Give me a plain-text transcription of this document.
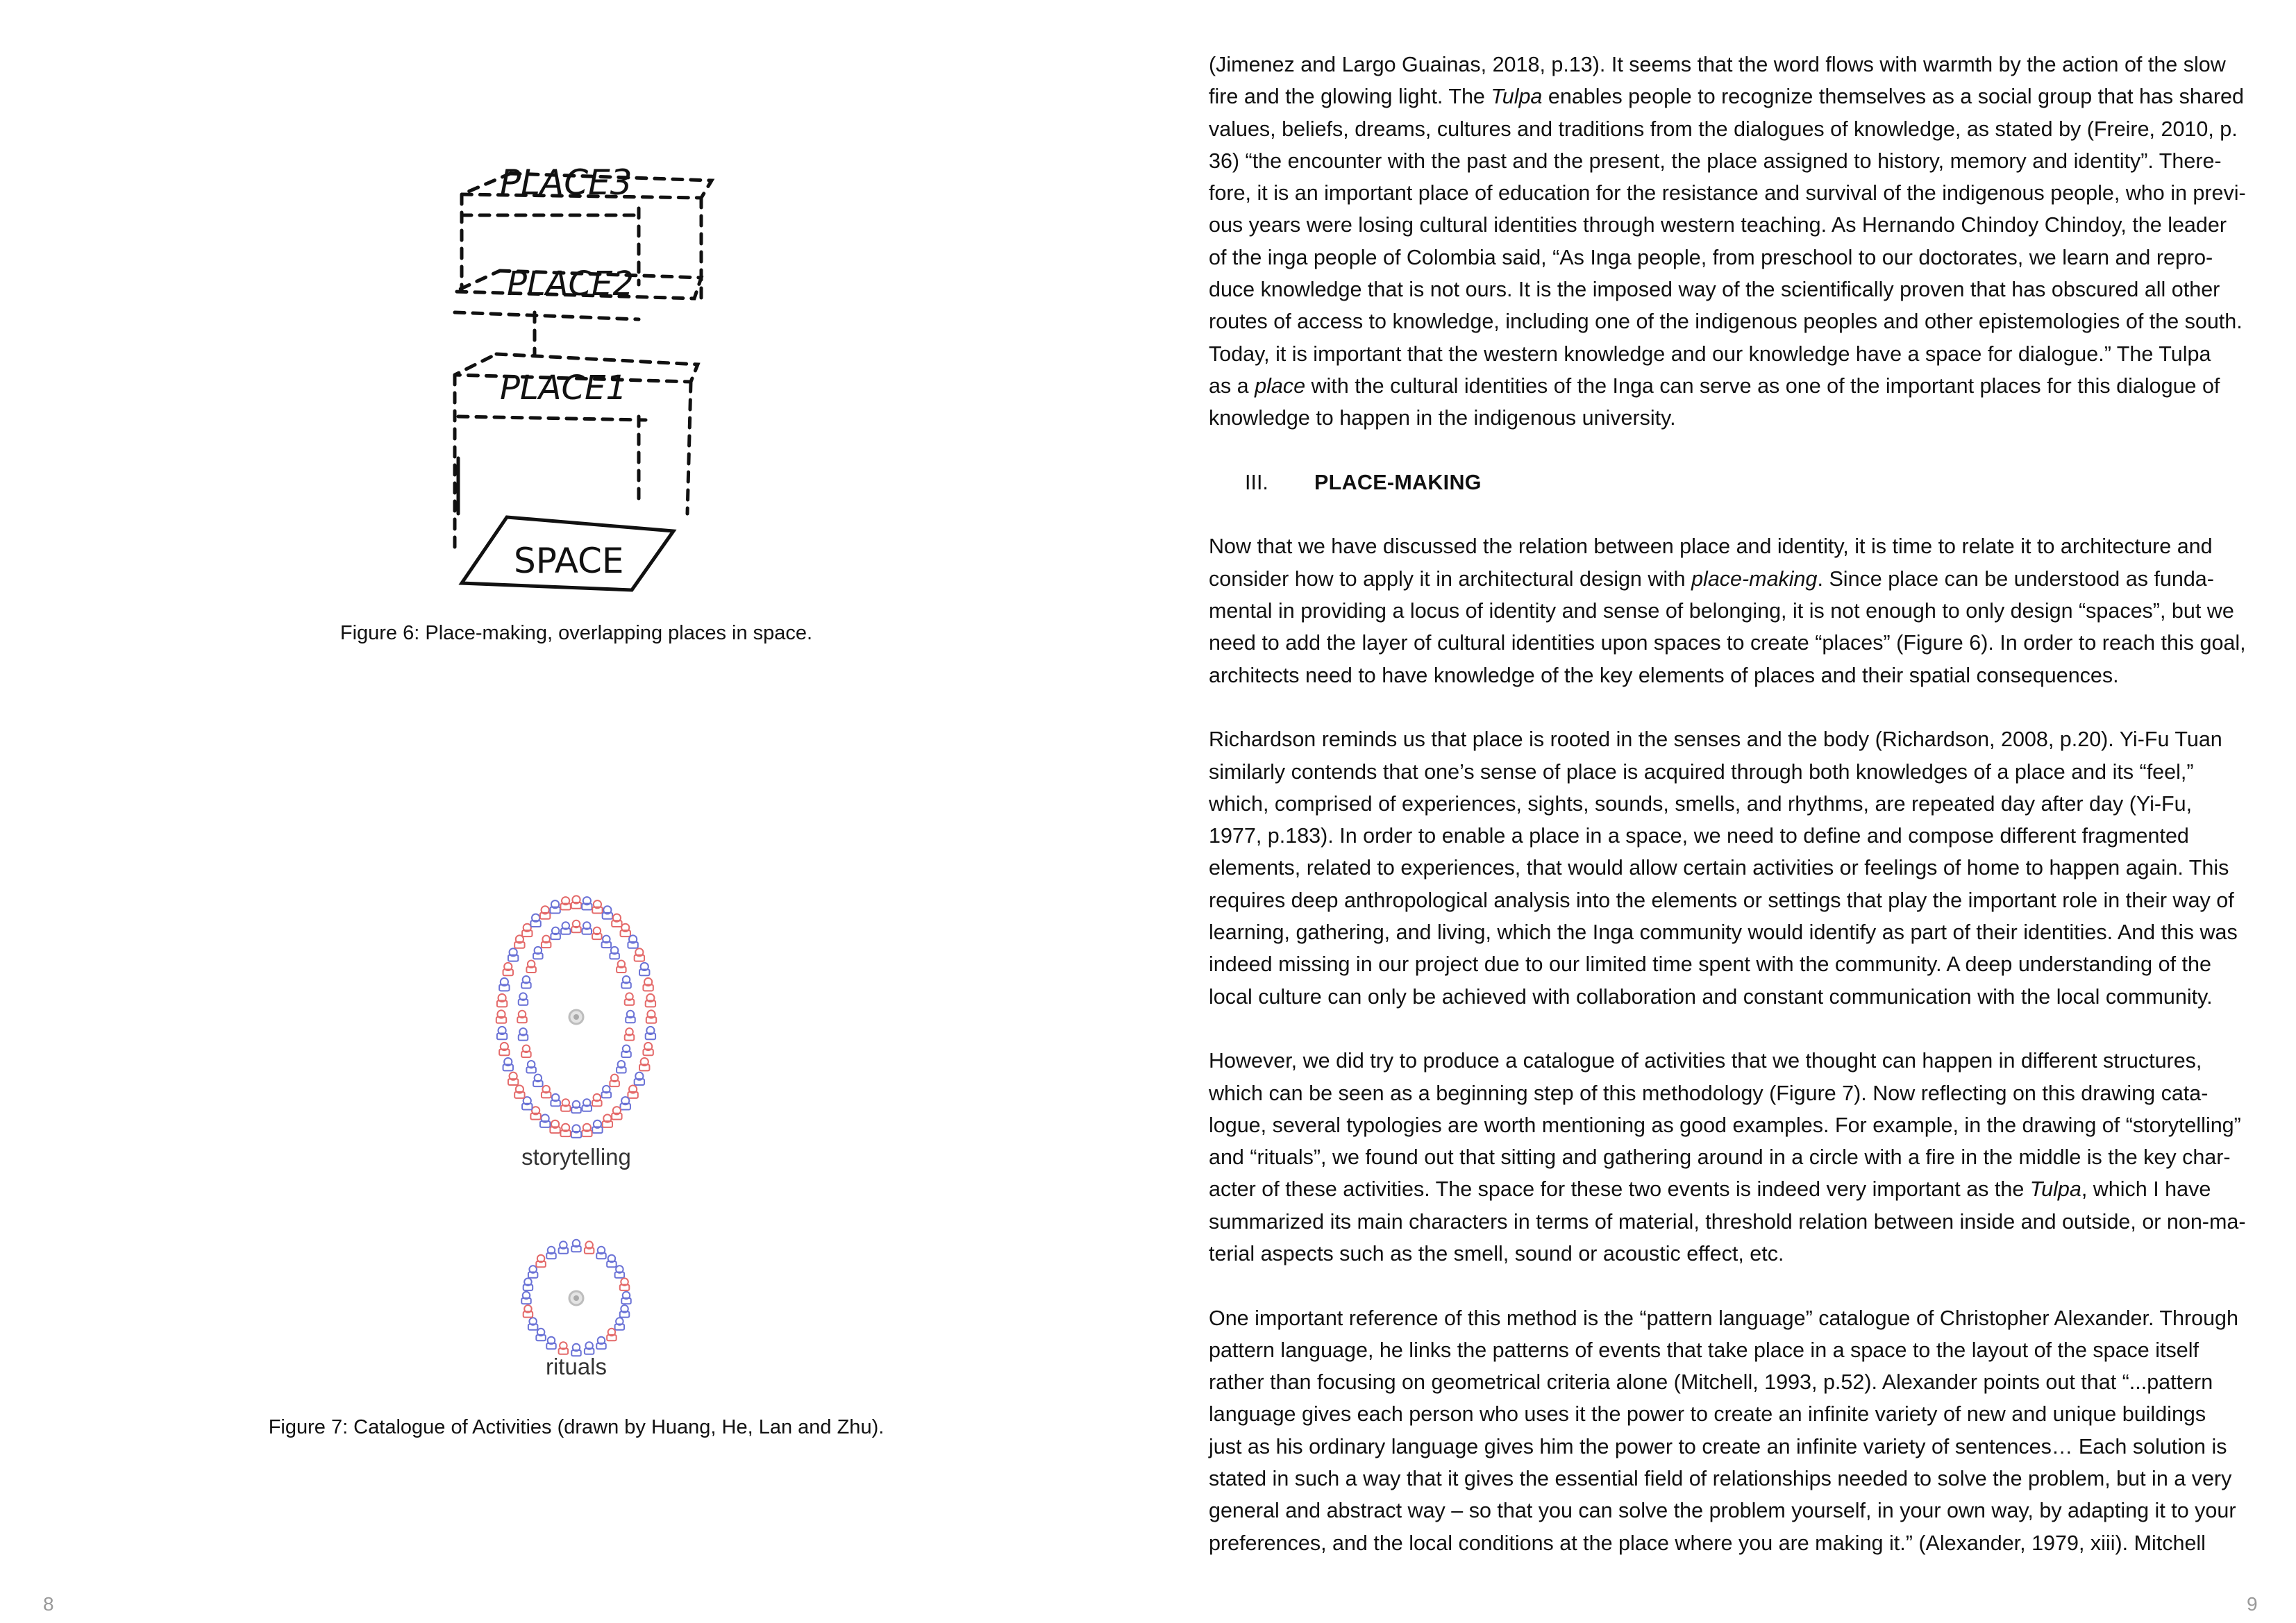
PLACE3
PLACE2
PLACE1
SPACE
Figure 6: Place-making, overlapping places in space.
storytelling
rituals
Figure 7: Catalogue of Activities (drawn by Huang, He, Lan and Zhu).
8

(Jimenez and Largo Guainas, 2018, p.13). It seems that the word flows with warmth by the action of the slow

fire and the glowing light. The Tulpa enables people to recognize themselves as a social group that has shared

values, beliefs, dreams, cultures and traditions from the dialogues of knowledge, as stated by (Freire, 2010, p.

36) “the encounter with the past and the present, the place assigned to history, memory and identity”. There-

fore, it is an important place of education for the resistance and survival of the indigenous people, who in previ-

ous years were losing cultural identities through western teaching. As Hernando Chindoy Chindoy, the leader

of the inga people of Colombia said, “As Inga people, from preschool to our doctorates, we learn and repro-

duce knowledge that is not ours. It is the imposed way of the scientifically proven that has obscured all other

routes of access to knowledge, including one of the indigenous peoples and other epistemologies of the south.

Today, it is important that the western knowledge and our knowledge have a space for dialogue.” The Tulpa

as a place with the cultural identities of the Inga can serve as one of the important places for this dialogue of

knowledge to happen in the indigenous university.

III.	PLACE-MAKING

Now that we have discussed the relation between place and identity, it is time to relate it to architecture and

consider how to apply it in architectural design with place-making. Since place can be understood as funda-

mental in providing a locus of identity and sense of belonging, it is not enough to only design “spaces”, but we

need to add the layer of cultural identities upon spaces to create “places” (Figure 6). In order to reach this goal,

architects need to have knowledge of the key elements of places and their spatial consequences.

Richardson reminds us that place is rooted in the senses and the body (Richardson, 2008, p.20). Yi-Fu Tuan

similarly contends that one’s sense of place is acquired through both knowledges of a place and its “feel,”

which, comprised of experiences, sights, sounds, smells, and rhythms, are repeated day after day (Yi-Fu,

1977, p.183). In order to enable a place in a space, we need to define and compose different fragmented

elements, related to experiences, that would allow certain activities or feelings of home to happen again. This

requires deep anthropological analysis into the elements or settings that play the important role in their way of

learning, gathering, and living, which the Inga community would identify as part of their identities. And this was

indeed missing in our project due to our limited time spent with the community. A deep understanding of the

local culture can only be achieved with collaboration and constant communication with the local community.

However, we did try to produce a catalogue of activities that we thought can happen in different structures,

which can be seen as a beginning step of this methodology (Figure 7). Now reflecting on this drawing cata-

logue, several typologies are worth mentioning as good examples. For example, in the drawing of “storytelling”

and “rituals”, we found out that sitting and gathering around in a circle with a fire in the middle is the key char-

acter of these activities. The space for these two events is indeed very important as the Tulpa, which I have

summarized its main characters in terms of material, threshold relation between inside and outside, or non-ma-

terial aspects such as the smell, sound or acoustic effect, etc.

One important reference of this method is the “pattern language” catalogue of Christopher Alexander. Through

pattern language, he links the patterns of events that take place in a space to the layout of the space itself

rather than focusing on geometrical criteria alone (Mitchell, 1993, p.52). Alexander points out that “...pattern

language gives each person who uses it the power to create an infinite variety of new and unique buildings

just as his ordinary language gives him the power to create an infinite variety of sentences… Each solution is

stated in such a way that it gives the essential field of relationships needed to solve the problem, but in a very

general and abstract way – so that you can solve the problem yourself, in your own way, by adapting it to your

preferences, and the local conditions at the place where you are making it.” (Alexander, 1979, xiii). Mitchell

9
